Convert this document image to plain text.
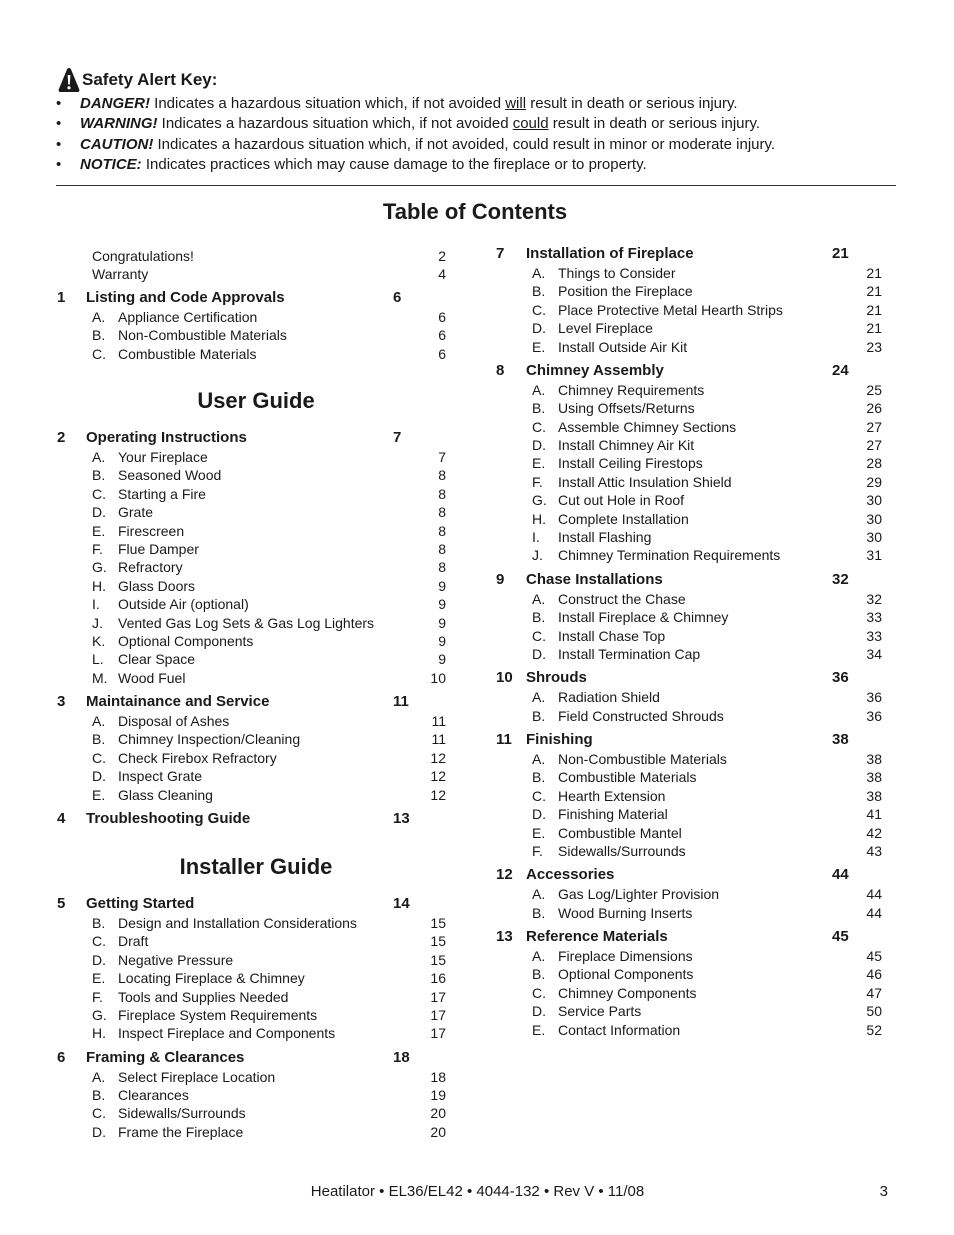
Safety Alert Key:
• DANGER! Indicates a hazardous situation which, if not avoided will result in death or serious injury.
• WARNING! Indicates a hazardous situation which, if not avoided could result in death or serious injury.
• CAUTION! Indicates a hazardous situation which, if not avoided, could result in minor or moderate injury.
• NOTICE: Indicates practices which may cause damage to the fireplace or to property.
Table of Contents
User Guide
Installer Guide
Congratulations!	2
Warranty	4
1 Listing and Code Approvals	6
A. Appliance Certification	6
B. Non-Combustible Materials	6
C. Combustible Materials	6
2 Operating Instructions	7
A. Your Fireplace	7
B. Seasoned Wood	8
C. Starting a Fire	8
D. Grate	8
E. Firescreen	8
F. Flue Damper	8
G. Refractory	8
H. Glass Doors	9
I. Outside Air (optional)	9
J. Vented Gas Log Sets & Gas Log Lighters	9
K. Optional Components	9
L. Clear Space	9
M. Wood Fuel	10
3 Maintainance and Service	11
A. Disposal of Ashes	11
B. Chimney Inspection/Cleaning	11
C. Check Firebox Refractory	12
D. Inspect Grate	12
E. Glass Cleaning	12
4 Troubleshooting Guide	13
5 Getting Started	14
B. Design and Installation Considerations	15
C. Draft	15
D. Negative Pressure	15
E. Locating Fireplace & Chimney	16
F. Tools and Supplies Needed	17
G. Fireplace System Requirements	17
H. Inspect Fireplace and Components	17
6 Framing & Clearances	18
A. Select Fireplace Location	18
B. Clearances	19
C. Sidewalls/Surrounds	20
D. Frame the Fireplace	20
7 Installation of Fireplace	21
A. Things to Consider	21
B. Position the Fireplace	21
C. Place Protective Metal Hearth Strips	21
D. Level Fireplace	21
E. Install Outside Air Kit	23
8 Chimney Assembly	24
A. Chimney Requirements	25
B. Using Offsets/Returns	26
C. Assemble Chimney Sections	27
D. Install Chimney Air Kit	27
E. Install Ceiling Firestops	28
F. Install Attic Insulation Shield	29
G. Cut out Hole in Roof	30
H. Complete Installation	30
I. Install Flashing	30
J. Chimney Termination Requirements	31
9 Chase Installations	32
A. Construct the Chase	32
B. Install Fireplace & Chimney	33
C. Install Chase Top	33
D. Install Termination Cap	34
10 Shrouds	36
A. Radiation Shield	36
B. Field Constructed Shrouds	36
11 Finishing	38
A. Non-Combustible Materials	38
B. Combustible Materials	38
C. Hearth Extension	38
D. Finishing Material	41
E. Combustible Mantel	42
F. Sidewalls/Surrounds	43
12 Accessories	44
A. Gas Log/Lighter Provision	44
B. Wood Burning Inserts	44
13 Reference Materials	45
A. Fireplace Dimensions	45
B. Optional Components	46
C. Chimney Components	47
D. Service Parts	50
E. Contact Information	52
Heatilator • EL36/EL42 • 4044-132 • Rev V • 11/08	3
